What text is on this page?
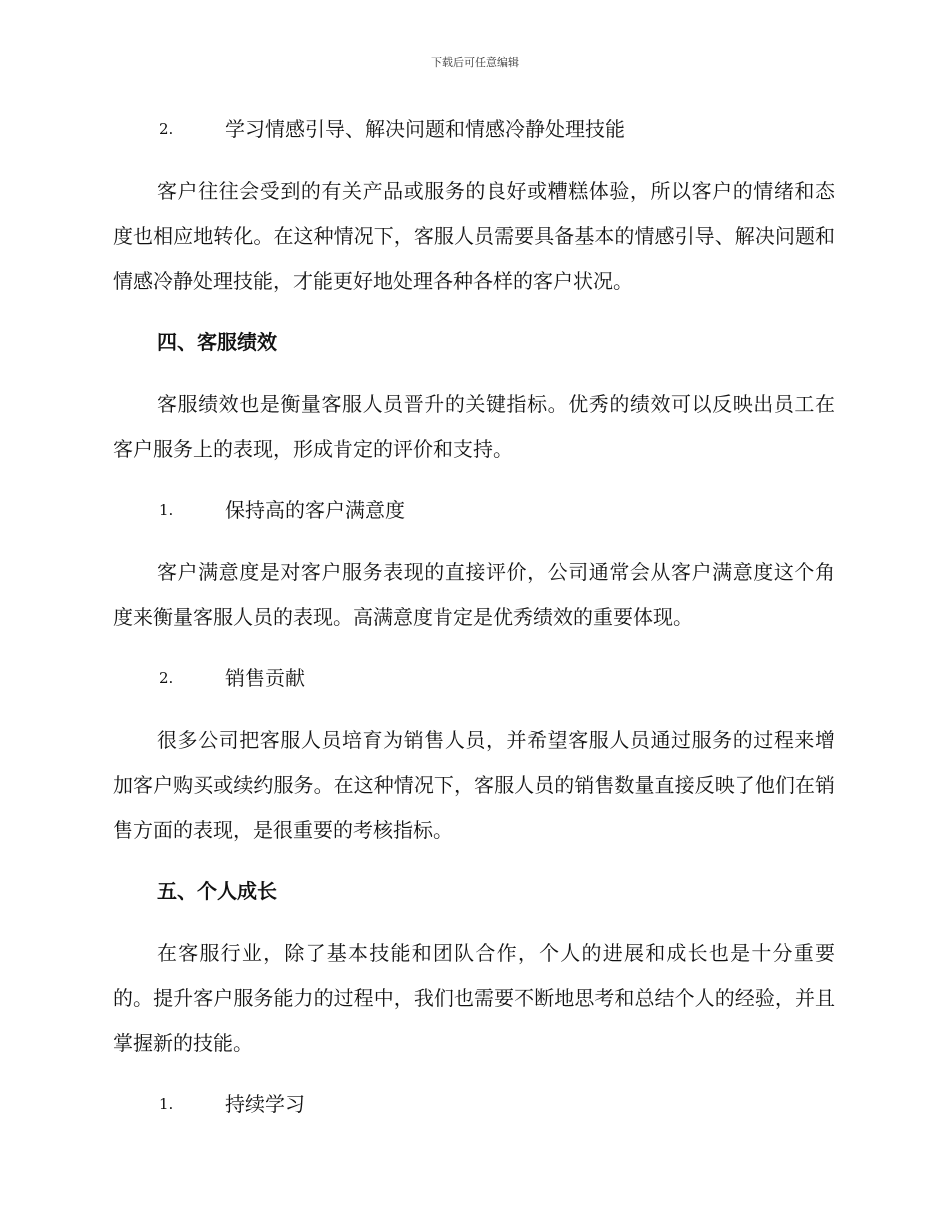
下载后可任意编辑
2.	学习情感引导、解决问题和情感冷静处理技能

客户往往会受到的有关产品或服务的良好或糟糕体验，所以客户的情绪和态度也相应地转化。在这种情况下，客服人员需要具备基本的情感引导、解决问题和情感冷静处理技能，才能更好地处理各种各样的客户状况。

四、客服绩效

客服绩效也是衡量客服人员晋升的关键指标。优秀的绩效可以反映出员工在客户服务上的表现，形成肯定的评价和支持。

1.	保持高的客户满意度

客户满意度是对客户服务表现的直接评价，公司通常会从客户满意度这个角度来衡量客服人员的表现。高满意度肯定是优秀绩效的重要体现。

2.	销售贡献

很多公司把客服人员培育为销售人员，并希望客服人员通过服务的过程来增加客户购买或续约服务。在这种情况下，客服人员的销售数量直接反映了他们在销售方面的表现，是很重要的考核指标。

五、个人成长

在客服行业，除了基本技能和团队合作，个人的进展和成长也是十分重要的。提升客户服务能力的过程中，我们也需要不断地思考和总结个人的经验，并且掌握新的技能。

1.	持续学习
